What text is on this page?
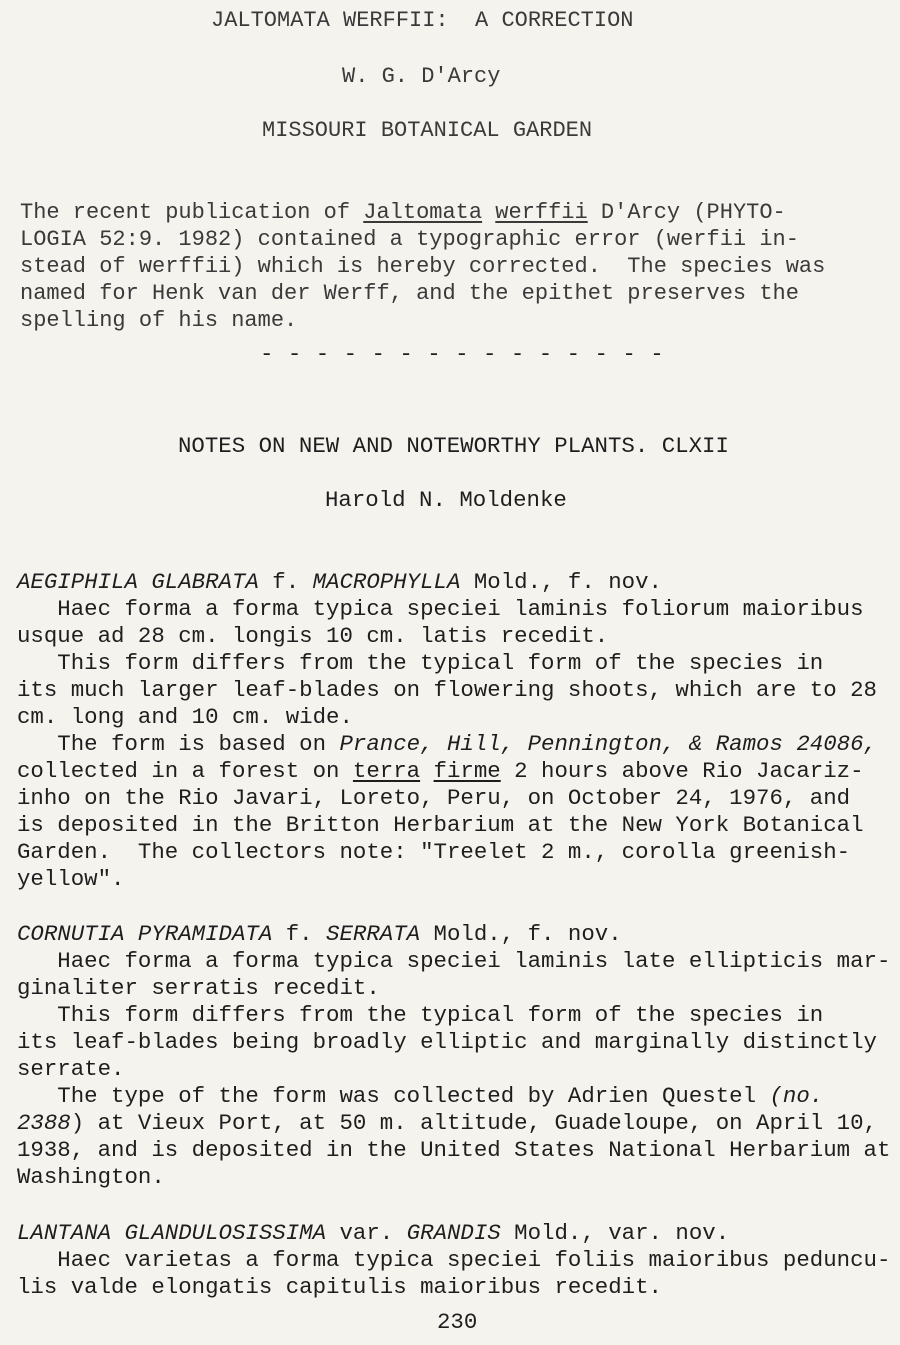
JALTOMATA WERFFII:  A CORRECTION
W. G. D'Arcy
MISSOURI BOTANICAL GARDEN
The recent publication of Jaltomata werffii D'Arcy (PHYTO-
LOGIA 52:9. 1982) contained a typographic error (werfii in-
stead of werffii) which is hereby corrected.  The species was
named for Henk van der Werff, and the epithet preserves the
spelling of his name.
- - - - - - - - - - - - - - -
NOTES ON NEW AND NOTEWORTHY PLANTS. CLXII
Harold N. Moldenke
AEGIPHILA GLABRATA f. MACROPHYLLA Mold., f. nov.
Haec forma a forma typica speciei laminis foliorum maioribus
usque ad 28 cm. longis 10 cm. latis recedit.
This form differs from the typical form of the species in
its much larger leaf-blades on flowering shoots, which are to 28
cm. long and 10 cm. wide.
The form is based on Prance, Hill, Pennington, & Ramos 24086,
collected in a forest on terra firme 2 hours above Rio Jacariz-
inho on the Rio Javari, Loreto, Peru, on October 24, 1976, and
is deposited in the Britton Herbarium at the New York Botanical
Garden.  The collectors note: "Treelet 2 m., corolla greenish-
yellow".
CORNUTIA PYRAMIDATA f. SERRATA Mold., f. nov.
Haec forma a forma typica speciei laminis late ellipticis mar-
ginaliter serratis recedit.
This form differs from the typical form of the species in
its leaf-blades being broadly elliptic and marginally distinctly
serrate.
The type of the form was collected by Adrien Questel (no.
2388) at Vieux Port, at 50 m. altitude, Guadeloupe, on April 10,
1938, and is deposited in the United States National Herbarium at
Washington.
LANTANA GLANDULOSISSIMA var. GRANDIS Mold., var. nov.
Haec varietas a forma typica speciei foliis maioribus peduncu-
lis valde elongatis capitulis maioribus recedit.
230
